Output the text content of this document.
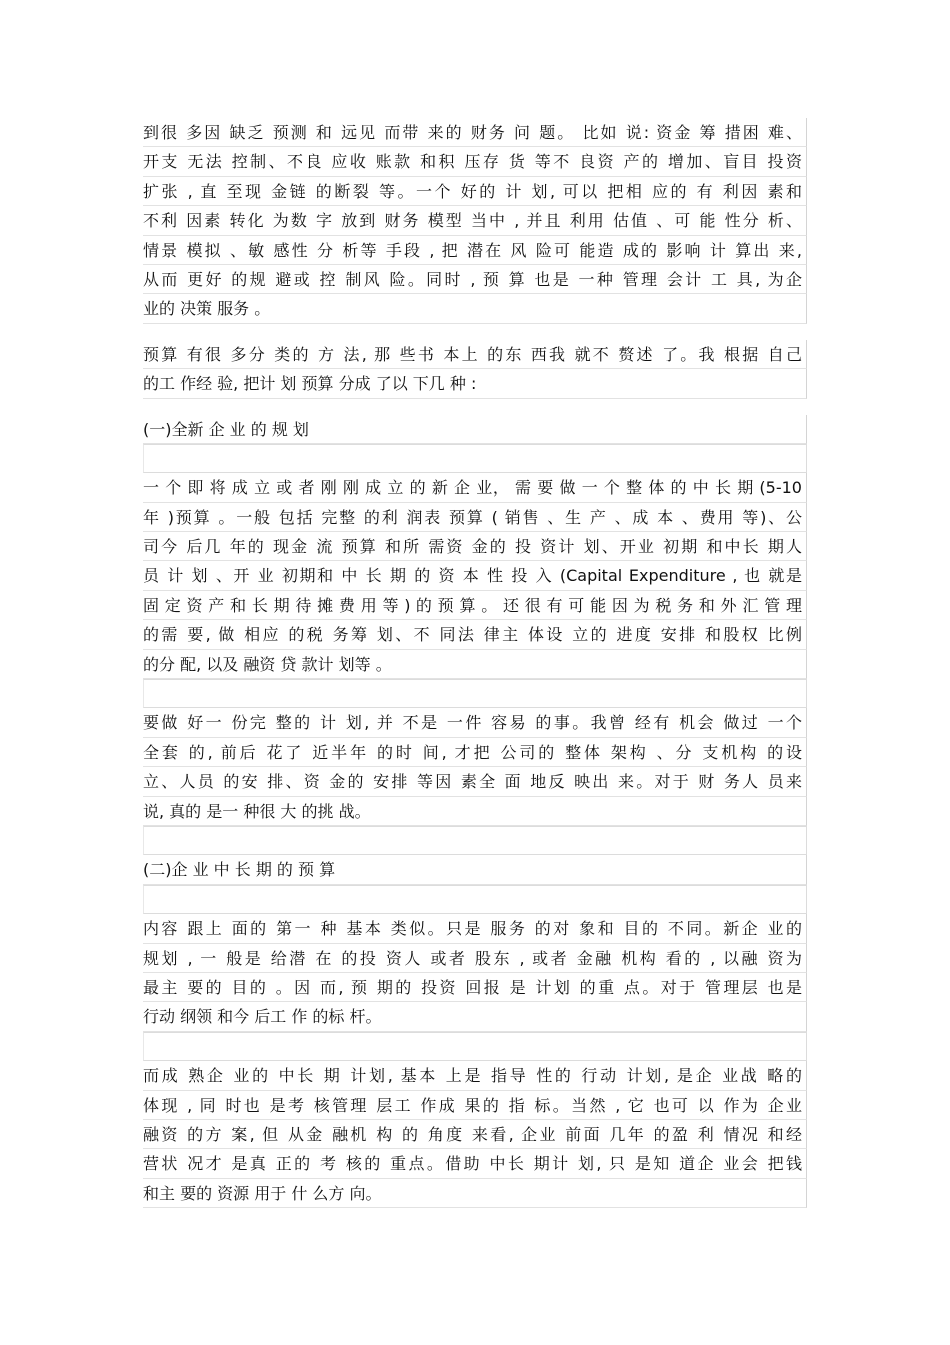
到很 多因 缺乏 预测 和 远见 而带 来的 财务 问 题。 比如 说: 资金 筹 措困 难、
开支 无法 控制、不良 应收 账款 和积 压存 货 等不 良资 产的 增加、盲目 投资
扩张 , 直 至现 金链 的断裂 等。一个 好的 计 划, 可以 把相 应的 有 利因 素和
不利 因素 转化 为数 字 放到 财务 模型 当中 , 并且 利用 估值 、可 能 性分 析、
情景 模拟 、敏 感性 分 析等 手段 , 把 潜在 风 险可 能造 成的 影响 计 算出 来,
从而 更好 的规 避或 控 制风 险。同时 , 预 算 也是 一种 管理 会计 工 具, 为企
业的 决策 服务 。
预算 有很 多分 类的 方 法, 那 些书 本上 的东 西我 就不 赘述 了。我 根据 自己
的工 作经 验, 把计 划 预算 分成 了以 下几 种 :
(一)全新 企 业 的 规 划
一 个 即 将 成 立 或 者 刚 刚 成 立 的 新 企 业， 需 要 做 一 个 整 体 的 中 长 期 (5-10
年 )预算 。一般 包括 完整 的利 润表 预算 ( 销售 、生 产 、成 本 、费用 等)、公
司今 后几 年的 现金 流 预算 和所 需资 金的 投 资计 划、开业 初期 和中长 期人
员 计 划 、开 业 初期和 中 长 期 的 资 本 性 投 入 (Capital Expenditure , 也 就是
固 定 资 产 和 长 期 待 摊 费 用 等 ) 的 预 算 。 还 很 有 可 能 因 为 税 务 和 外 汇 管 理
的需 要, 做 相应 的税 务筹 划、不 同法 律主 体设 立的 进度 安排 和股权 比例
的分 配, 以及 融资 贷 款计 划等 。
要做 好一 份完 整的 计 划, 并 不是 一件 容易 的事。我曾 经有 机会 做过 一个
全套 的, 前后 花了 近半年 的时 间, 才把 公司的 整体 架构 、分 支机构 的设
立、人员 的安 排、资 金的 安排 等因 素全 面 地反 映出 来。对于 财 务人 员来
说, 真的 是一 种很 大 的挑 战。
(二)企 业 中 长 期 的 预 算
内容 跟上 面的 第一 种 基本 类似。只是 服务 的对 象和 目的 不同。新企 业的
规划 , 一 般是 给潜 在 的投 资人 或者 股东 , 或者 金融 机构 看的 , 以融 资为
最主 要的 目的 。因 而, 预 期的 投资 回报 是 计划 的重 点。对于 管理层 也是
行动 纲领 和今 后工 作 的标 杆。
而成 熟企 业的 中长 期 计划, 基本 上是 指导 性的 行动 计划, 是企 业战 略的
体现 , 同 时也 是考 核管理 层工 作成 果的 指 标。当然 , 它 也可 以 作为 企业
融资 的方 案, 但 从金 融机 构 的 角度 来看, 企业 前面 几年 的盈 利 情况 和经
营状 况才 是真 正的 考 核的 重点。借助 中长 期计 划, 只 是知 道企 业会 把钱
和主 要的 资源 用于 什 么方 向。
